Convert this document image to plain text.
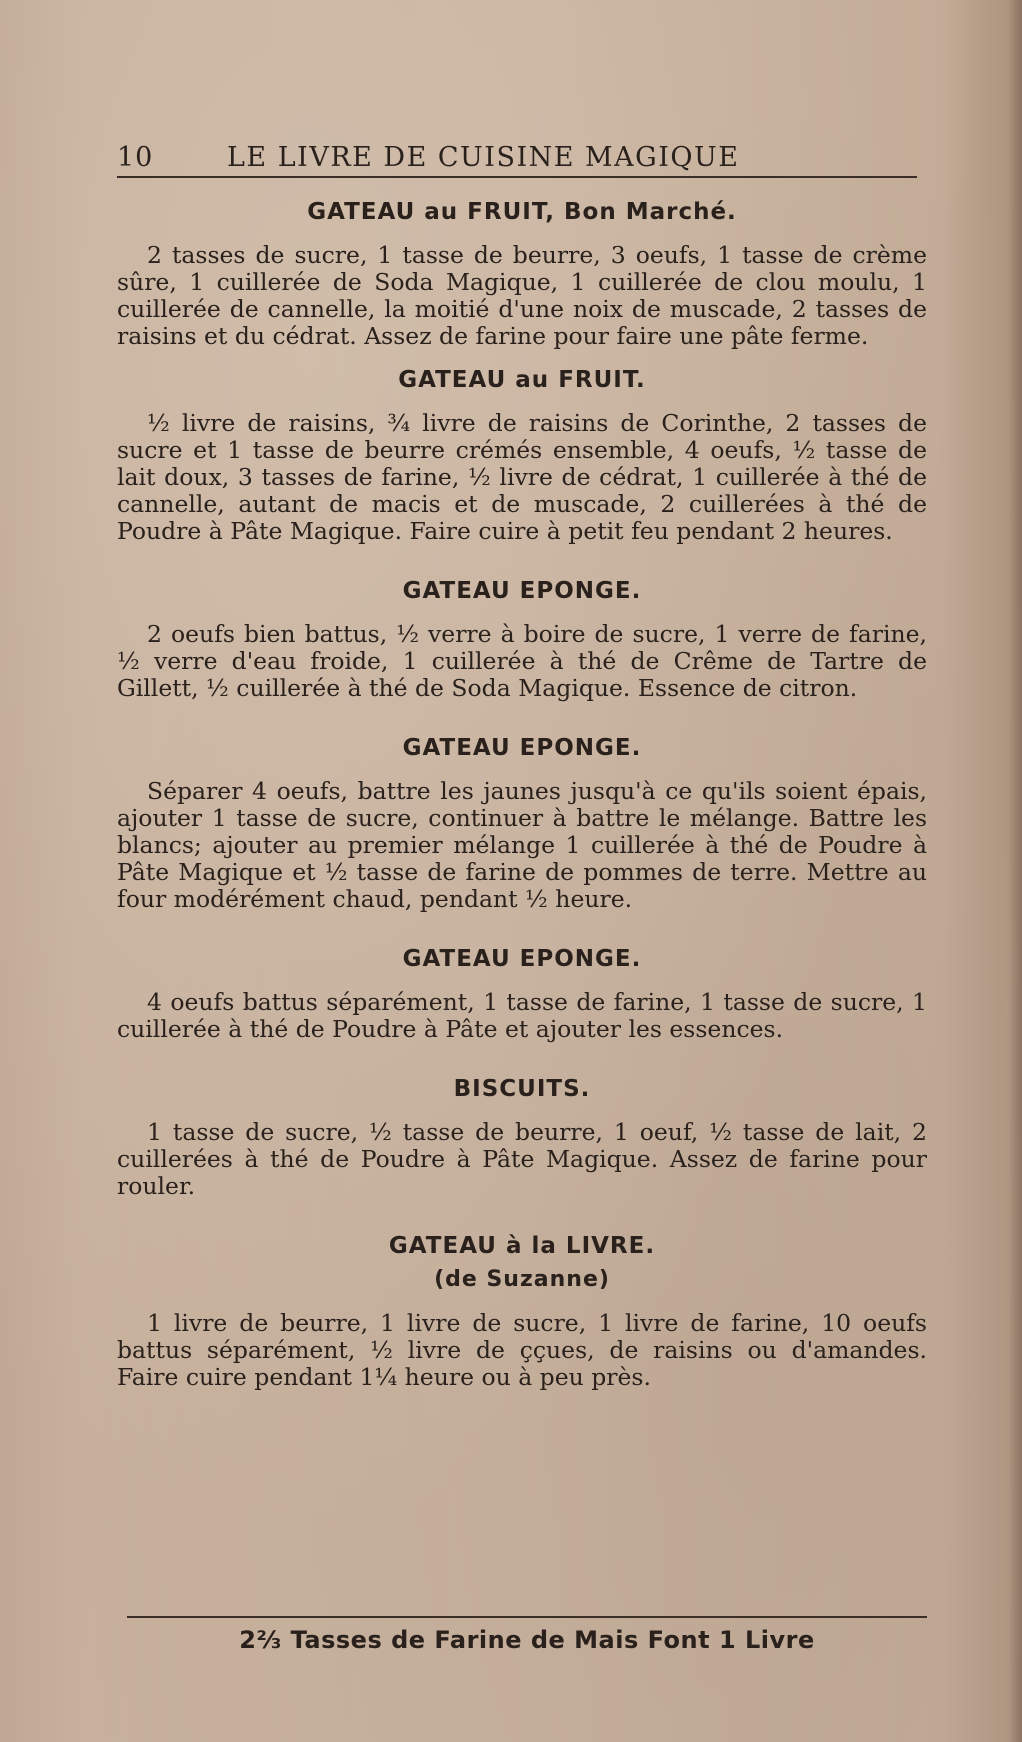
10	LE LIVRE DE CUISINE MAGIQUE
GATEAU au FRUIT, Bon Marché.

2 tasses de sucre, 1 tasse de beurre, 3 oeufs, 1 tasse de crème sûre, 1 cuillerée de Soda Magique, 1 cuillerée de clou moulu, 1 cuillerée de cannelle, la moitié d'une noix de muscade, 2 tasses de raisins et du cédrat. Assez de farine pour faire une pâte ferme.

GATEAU au FRUIT.

½ livre de raisins, ¾ livre de raisins de Corinthe, 2 tasses de sucre et 1 tasse de beurre crémés ensemble, 4 oeufs, ½ tasse de lait doux, 3 tasses de farine, ½ livre de cédrat, 1 cuillerée à thé de cannelle, autant de macis et de muscade, 2 cuillerées à thé de Poudre à Pâte Magique. Faire cuire à petit feu pendant 2 heures.

GATEAU EPONGE.

2 oeufs bien battus, ½ verre à boire de sucre, 1 verre de farine, ½ verre d'eau froide, 1 cuillerée à thé de Crême de Tartre de Gillett, ½ cuillerée à thé de Soda Magique. Essence de citron.

GATEAU EPONGE.

Séparer 4 oeufs, battre les jaunes jusqu'à ce qu'ils soient épais, ajouter 1 tasse de sucre, continuer à battre le mélange. Battre les blancs; ajouter au premier mélange 1 cuillerée à thé de Poudre à Pâte Magique et ½ tasse de farine de pommes de terre. Mettre au four modérément chaud, pendant ½ heure.

GATEAU EPONGE.

4 oeufs battus séparément, 1 tasse de farine, 1 tasse de sucre, 1 cuillerée à thé de Poudre à Pâte et ajouter les essences.

BISCUITS.

1 tasse de sucre, ½ tasse de beurre, 1 oeuf, ½ tasse de lait, 2 cuillerées à thé de Poudre à Pâte Magique. Assez de farine pour rouler.

GATEAU à la LIVRE.
(de Suzanne)

1 livre de beurre, 1 livre de sucre, 1 livre de farine, 10 oeufs battus séparément, ½ livre de ççues, de raisins ou d'amandes. Faire cuire pendant 1¼ heure ou à peu près.

2⅔ Tasses de Farine de Mais Font 1 Livre
